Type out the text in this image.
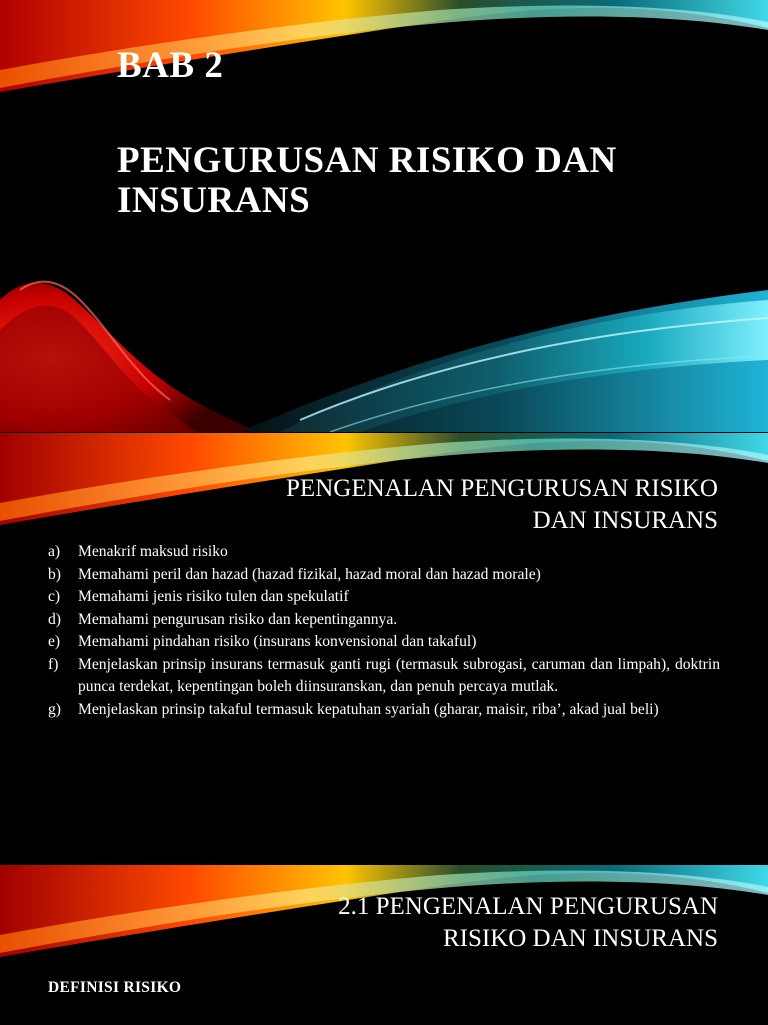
BAB 2
PENGURUSAN RISIKO DAN
INSURANS
PENGENALAN PENGURUSAN RISIKO
DAN INSURANS
a)	Menakrif maksud risiko
b)	Memahami peril dan hazad (hazad fizikal, hazad moral dan hazad morale)
c)	Memahami jenis risiko tulen dan spekulatif
d)	Memahami pengurusan risiko dan kepentingannya.
e)	Memahami pindahan risiko (insurans konvensional dan takaful)
f)	Menjelaskan prinsip insurans termasuk ganti rugi (termasuk subrogasi, caruman dan limpah), doktrin punca terdekat, kepentingan boleh diinsuranskan, dan penuh percaya mutlak.
g)	Menjelaskan prinsip takaful termasuk kepatuhan syariah (gharar, maisir, riba’, akad jual beli)
2.1 PENGENALAN PENGURUSAN
RISIKO DAN INSURANS
DEFINISI RISIKO
